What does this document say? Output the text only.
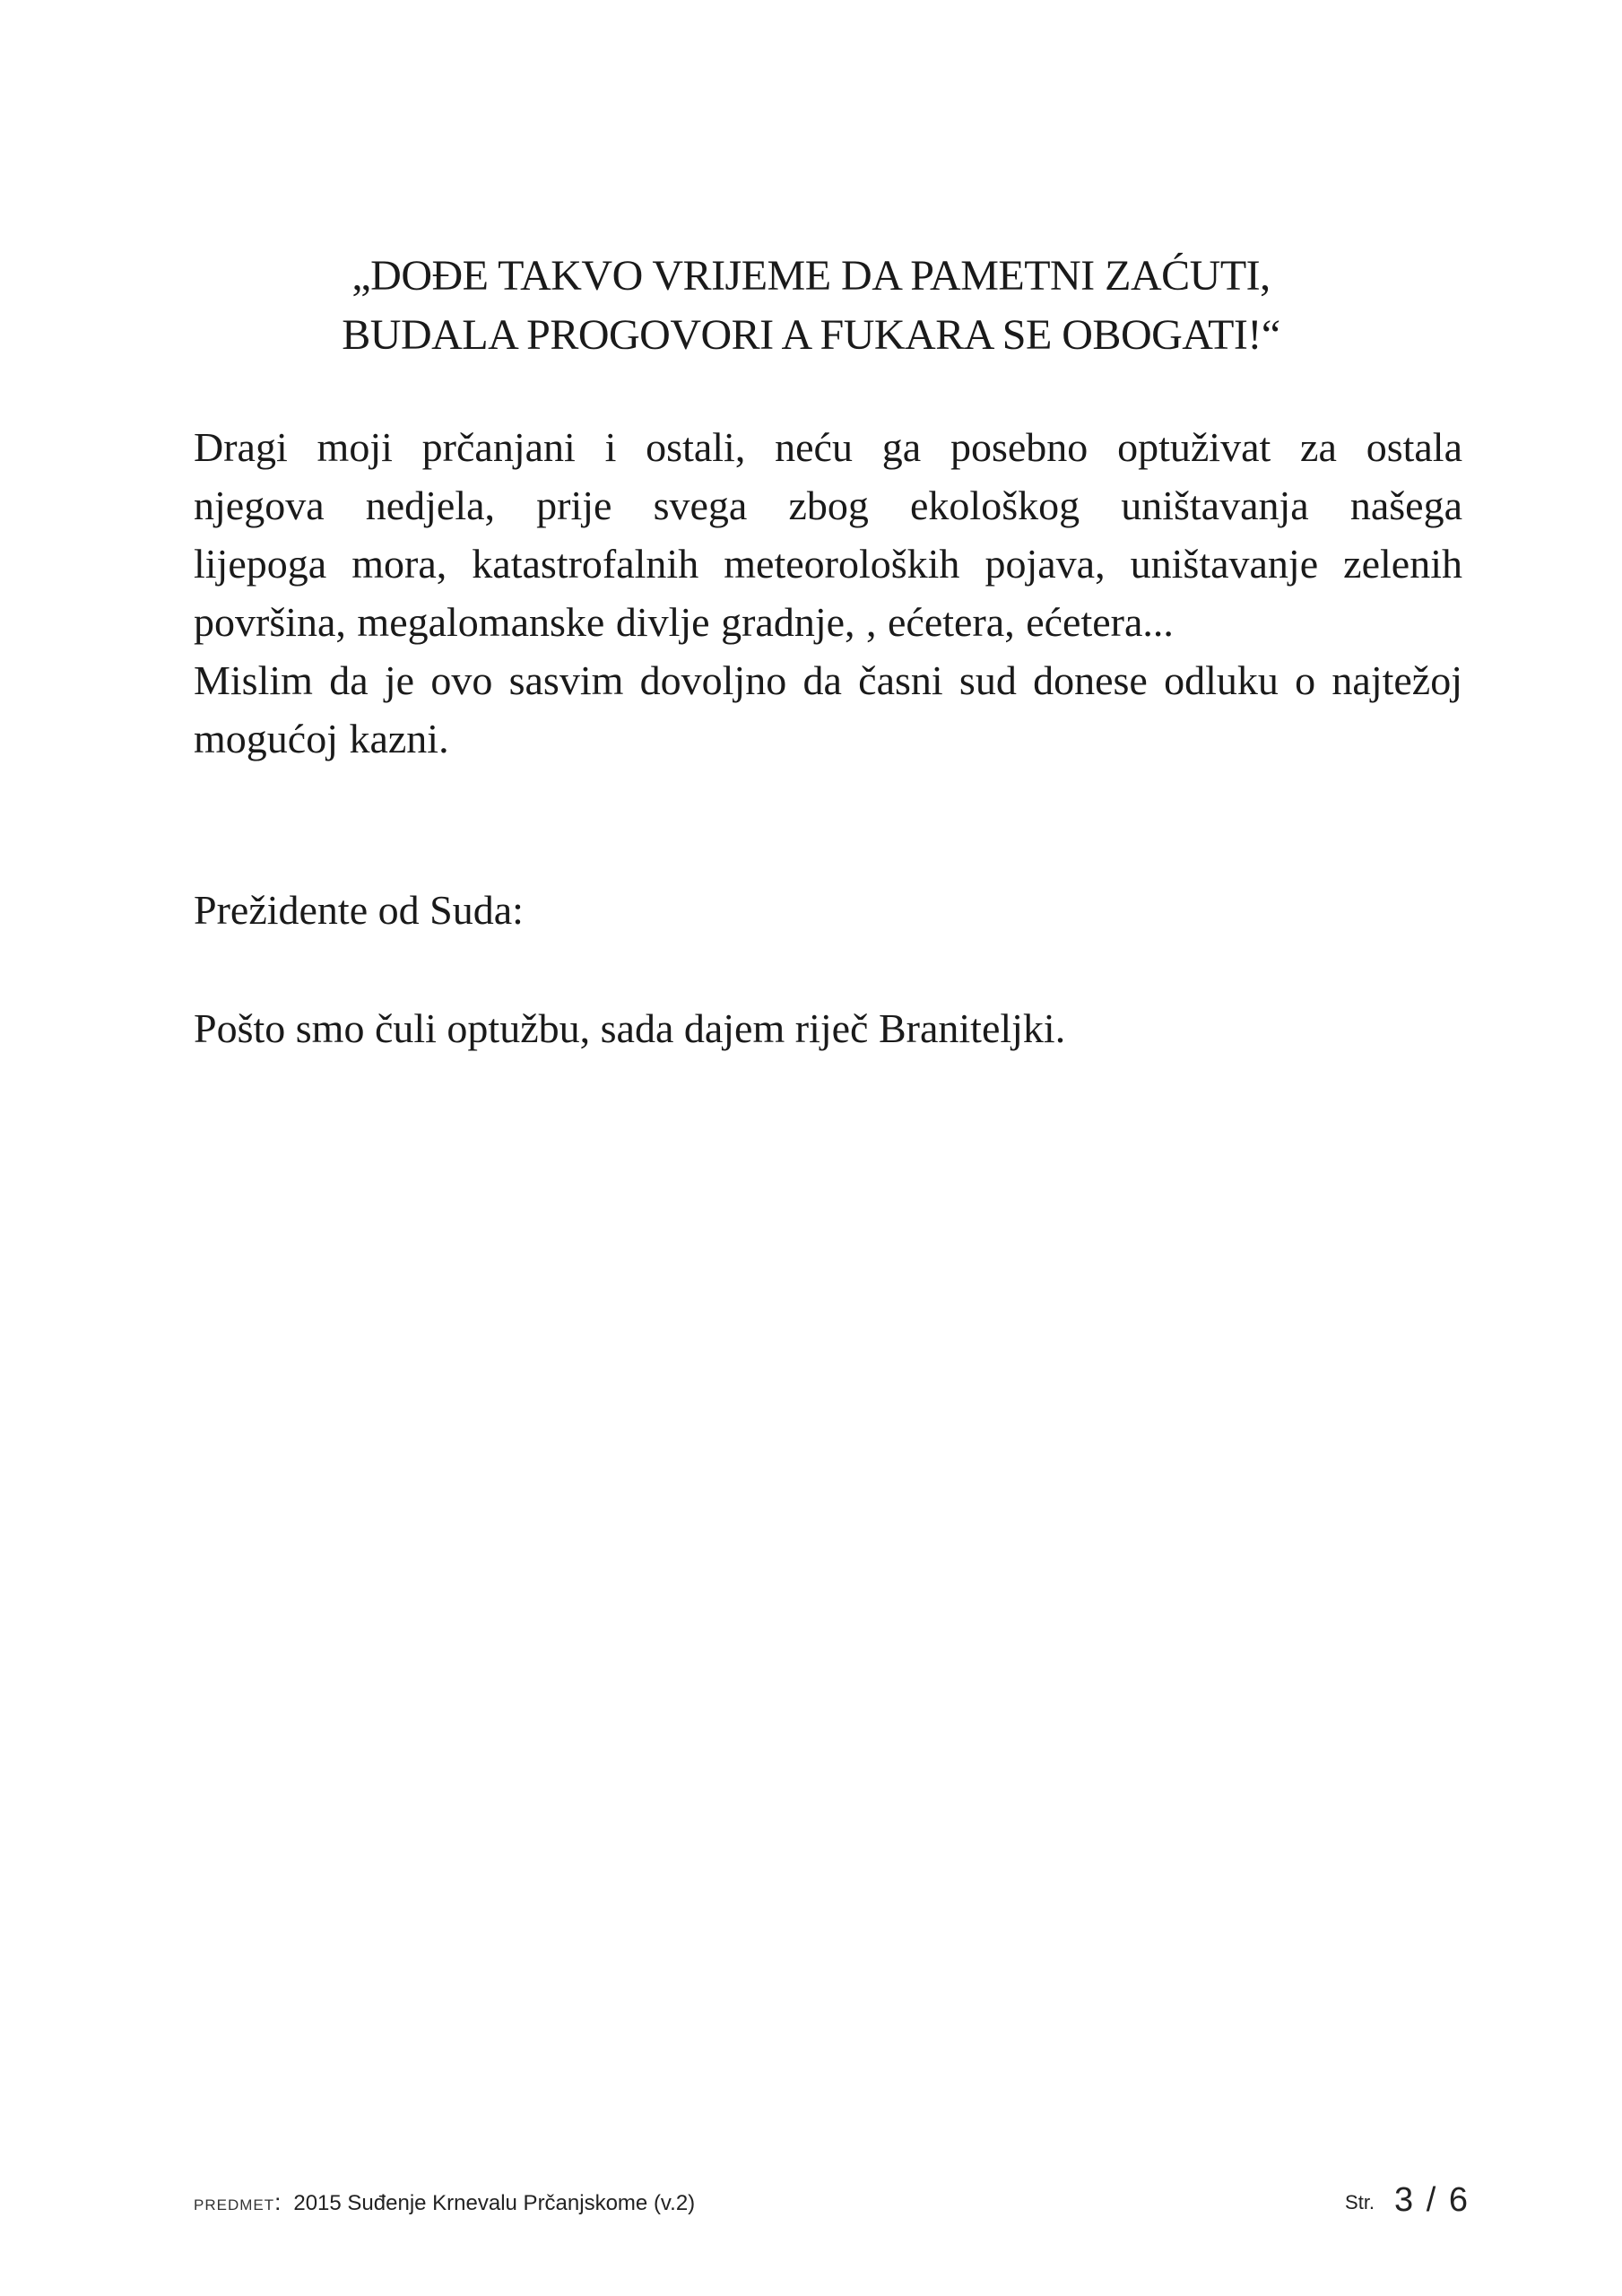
„DOĐE TAKVO VRIJEME DA PAMETNI ZAĆUTI,
BUDALA PROGOVORI A FUKARA SE OBOGATI!“

Dragi moji prčanjani i ostali, neću ga posebno optuživat za ostala
njegova nedjela, prije svega zbog ekološkog uništavanja našega
lijepoga mora, katastrofalnih meteoroloških pojava, uništavanje zelenih
površina, megalomanske divlje gradnje, , ećetera, ećetera...
Mislim da je ovo sasvim dovoljno da časni sud donese odluku o najtežoj
mogućoj kazni.

Prežidente od Suda:
Pošto smo čuli optužbu, sada dajem riječ Braniteljki.
PREDMET: 2015 Suđenje Krnevalu Prčanjskome (v.2)	Str. 3 / 6
